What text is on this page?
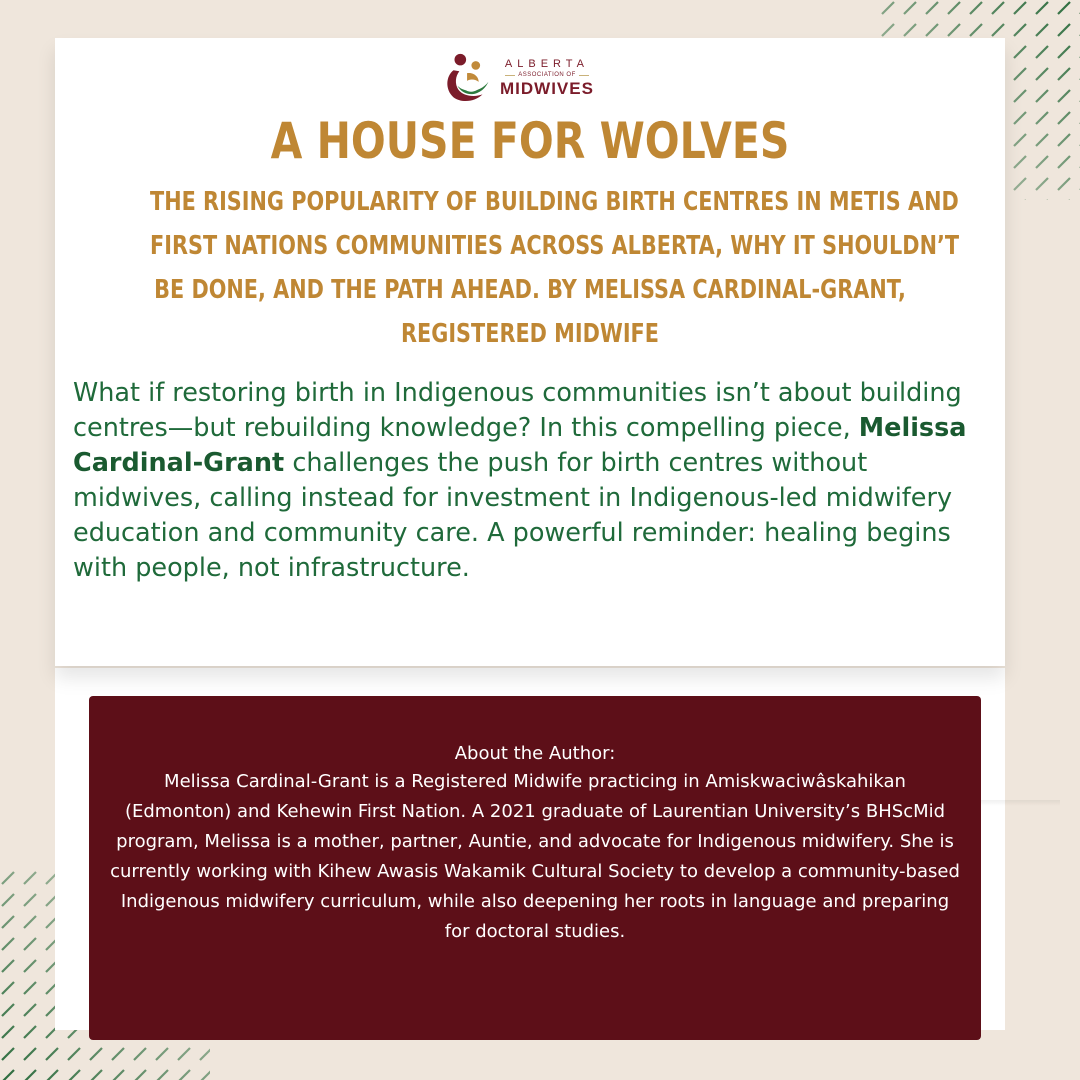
ALBERTA
ASSOCIATION OF
MIDWIVES
A HOUSE FOR WOLVES
THE RISING POPULARITY OF BUILDING BIRTH CENTRES IN METIS AND
FIRST NATIONS COMMUNITIES ACROSS ALBERTA, WHY IT SHOULDN’T
BE DONE, AND THE PATH AHEAD. BY MELISSA CARDINAL-GRANT,
REGISTERED MIDWIFE

What if restoring birth in Indigenous communities isn’t about building centres—but rebuilding knowledge? In this compelling piece, Melissa Cardinal-Grant challenges the push for birth centres without midwives, calling instead for investment in Indigenous-led midwifery education and community care. A powerful reminder: healing begins with people, not infrastructure.

About the Author:

Melissa Cardinal-Grant is a Registered Midwife practicing in Amiskwaciwâskahikan (Edmonton) and Kehewin First Nation. A 2021 graduate of Laurentian University’s BHScMid program, Melissa is a mother, partner, Auntie, and advocate for Indigenous midwifery. She is currently working with Kihew Awasis Wakamik Cultural Society to develop a community-based Indigenous midwifery curriculum, while also deepening her roots in language and preparing for doctoral studies.
